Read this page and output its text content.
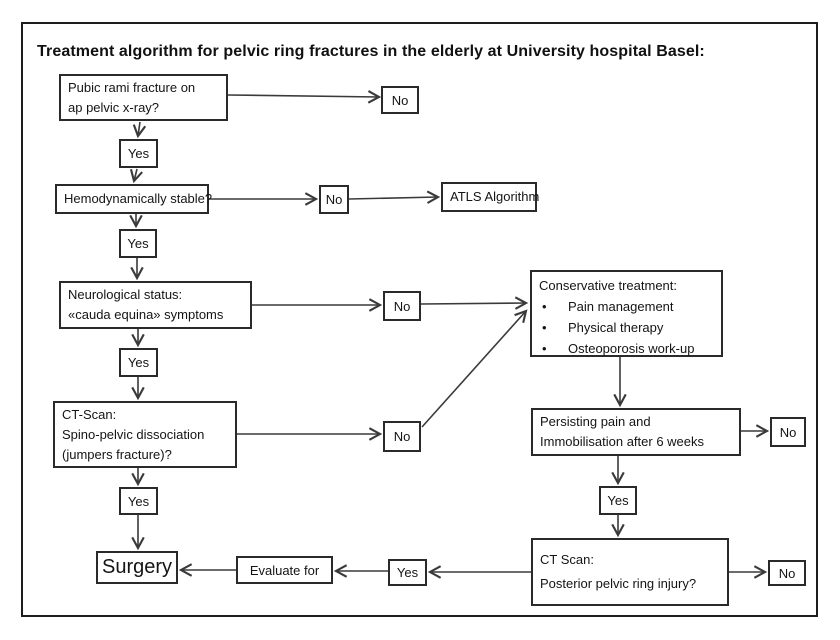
Treatment algorithm for pelvic ring fractures in the elderly at University hospital Basel:
Pubic rami fracture on
ap pelvic x-ray?	No
Yes
Hemodynamically stable?	No	ATLS Algorithm
Yes
Neurological status:
«cauda equina» symptoms
No
Yes
CT-Scan:
Spino-pelvic dissociation
(jumpers fracture)?
No
Yes
Conservative treatment:
•
Pain management
•
Physical therapy
•
Osteoporosis work-up
Persisting pain and
Immobilisation after 6 weeks
No
Yes
CT Scan:
Posterior pelvic ring injury?
No
Yes
Evaluate for
Surgery
